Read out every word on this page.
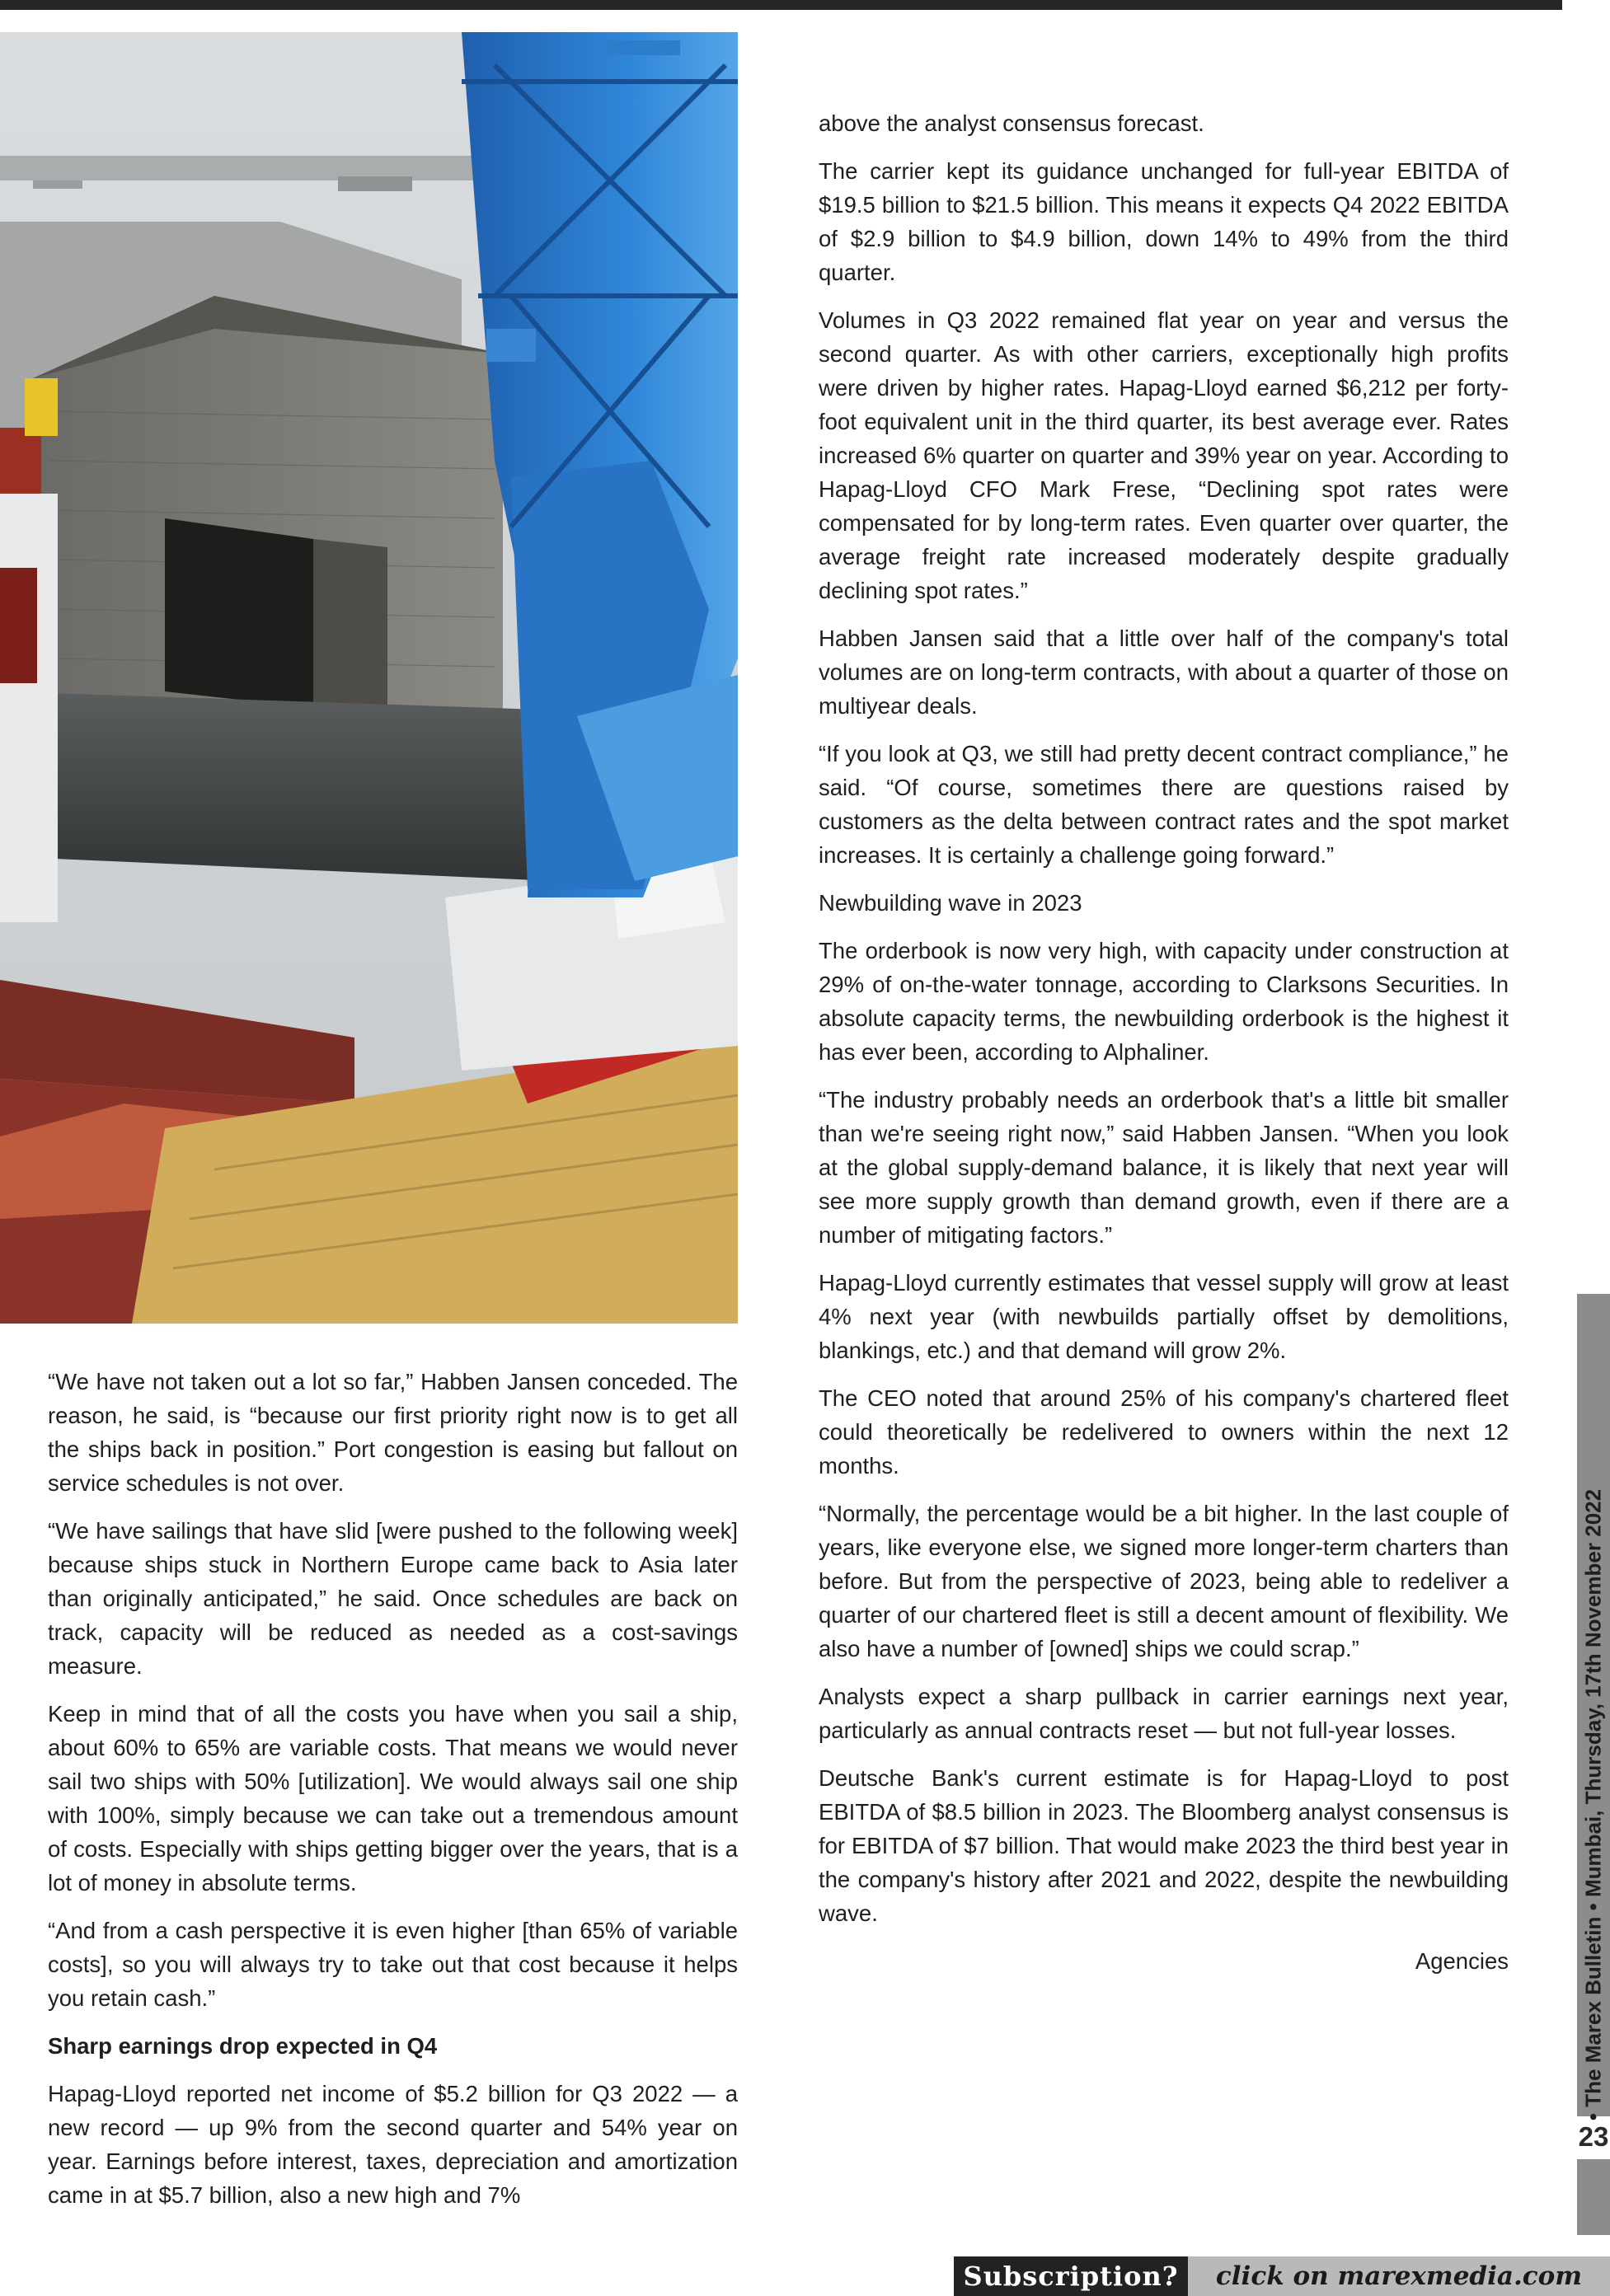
“We have not taken out a lot so far,” Habben Jansen conceded. The reason, he said, is “because our first priority right now is to get all the ships back in position.” Port congestion is easing but fallout on service schedules is not over.

“We have sailings that have slid [were pushed to the following week] because ships stuck in Northern Europe came back to Asia later than originally anticipated,” he said. Once schedules are back on track, capacity will be reduced as needed as a cost-savings measure.

Keep in mind that of all the costs you have when you sail a ship, about 60% to 65% are variable costs. That means we would never sail two ships with 50% [utilization]. We would always sail one ship with 100%, simply because we can take out a tremendous amount of costs. Especially with ships getting bigger over the years, that is a lot of money in absolute terms.

“And from a cash perspective it is even higher [than 65% of variable costs], so you will always try to take out that cost because it helps you retain cash.”

Sharp earnings drop expected in Q4

Hapag-Lloyd reported net income of $5.2 billion for Q3 2022 — a new record — up 9% from the second quarter and 54% year on year. Earnings before interest, taxes, depreciation and amortization came in at $5.7 billion, also a new high and 7%

above the analyst consensus forecast.

The carrier kept its guidance unchanged for full-year EBITDA of $19.5 billion to $21.5 billion. This means it expects Q4 2022 EBITDA of $2.9 billion to $4.9 billion, down 14% to 49% from the third quarter.

Volumes in Q3 2022 remained flat year on year and versus the second quarter. As with other carriers, exceptionally high profits were driven by higher rates. Hapag-Lloyd earned $6,212 per forty-foot equivalent unit in the third quarter, its best average ever. Rates increased 6% quarter on quarter and 39% year on year. According to Hapag-Lloyd CFO Mark Frese, “Declining spot rates were compensated for by long-term rates. Even quarter over quarter, the average freight rate increased moderately despite gradually declining spot rates.”

Habben Jansen said that a little over half of the company's total volumes are on long-term contracts, with about a quarter of those on multiyear deals.

“If you look at Q3, we still had pretty decent contract compliance,” he said. “Of course, sometimes there are questions raised by customers as the delta between contract rates and the spot market increases. It is certainly a challenge going forward.”

Newbuilding wave in 2023

The orderbook is now very high, with capacity under construction at 29% of on-the-water tonnage, according to Clarksons Securities. In absolute capacity terms, the newbuilding orderbook is the highest it has ever been, according to Alphaliner.

“The industry probably needs an orderbook that's a little bit smaller than we're seeing right now,” said Habben Jansen. “When you look at the global supply-demand balance, it is likely that next year will see more supply growth than demand growth, even if there are a number of mitigating factors.”

Hapag-Lloyd currently estimates that vessel supply will grow at least 4% next year (with newbuilds partially offset by demolitions, blankings, etc.) and that demand will grow 2%.

The CEO noted that around 25% of his company's chartered fleet could theoretically be redelivered to owners within the next 12 months.

“Normally, the percentage would be a bit higher. In the last couple of years, like everyone else, we signed more longer-term charters than before. But from the perspective of 2023, being able to redeliver a quarter of our chartered fleet is still a decent amount of flexibility. We also have a number of [owned] ships we could scrap.”

Analysts expect a sharp pullback in carrier earnings next year, particularly as annual contracts reset — but not full-year losses.

Deutsche Bank's current estimate is for Hapag-Lloyd to post EBITDA of $8.5 billion in 2023. The Bloomberg analyst consensus is for EBITDA of $7 billion. That would make 2023 the third best year in the company's history after 2021 and 2022, despite the newbuilding wave.

Agencies	• The Marex Bulletin • Mumbai, Thursday, 17th November 2022
23
Subscription?	click on marexmedia.com
